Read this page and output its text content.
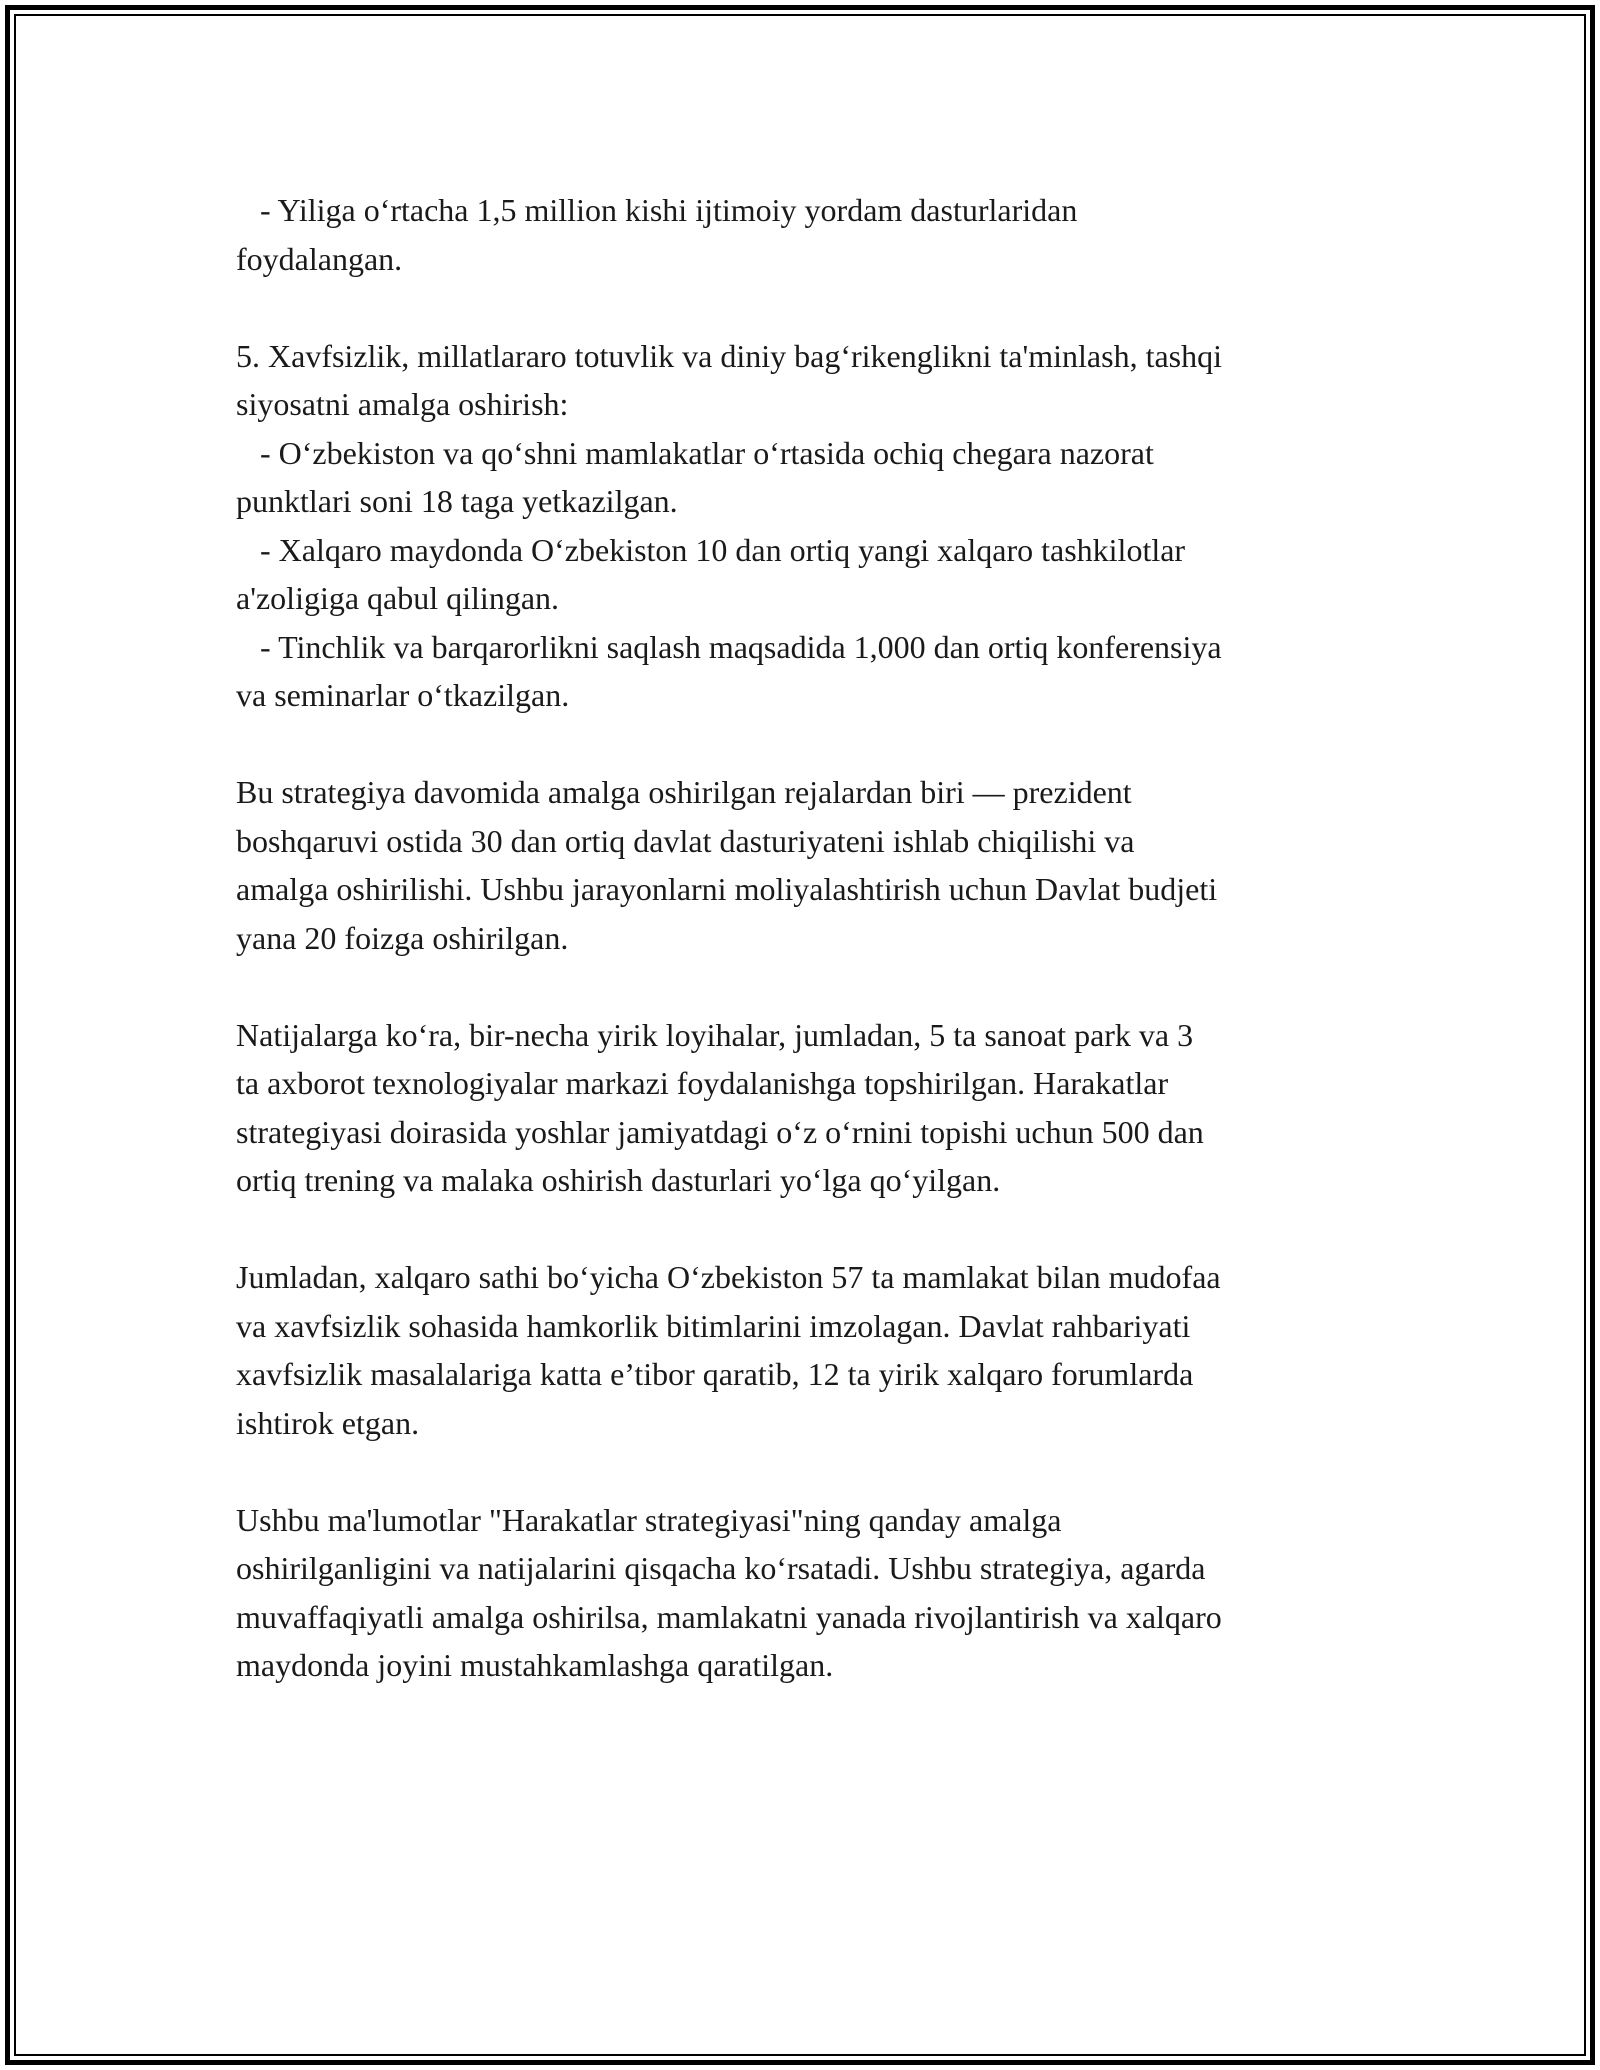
- Yiliga o‘rtacha 1,5 million kishi ijtimoiy yordam dasturlaridan
foydalangan.
5. Xavfsizlik, millatlararo totuvlik va diniy bag‘rikenglikni ta'minlash, tashqi
siyosatni amalga oshirish:
- O‘zbekiston va qo‘shni mamlakatlar o‘rtasida ochiq chegara nazorat
punktlari soni 18 taga yetkazilgan.
- Xalqaro maydonda O‘zbekiston 10 dan ortiq yangi xalqaro tashkilotlar
a'zoligiga qabul qilingan.
- Tinchlik va barqarorlikni saqlash maqsadida 1,000 dan ortiq konferensiya
va seminarlar o‘tkazilgan.
Bu strategiya davomida amalga oshirilgan rejalardan biri — prezident
boshqaruvi ostida 30 dan ortiq davlat dasturiyateni ishlab chiqilishi va
amalga oshirilishi. Ushbu jarayonlarni moliyalashtirish uchun Davlat budjeti
yana 20 foizga oshirilgan.
Natijalarga ko‘ra, bir-necha yirik loyihalar, jumladan, 5 ta sanoat park va 3
ta axborot texnologiyalar markazi foydalanishga topshirilgan. Harakatlar
strategiyasi doirasida yoshlar jamiyatdagi o‘z o‘rnini topishi uchun 500 dan
ortiq trening va malaka oshirish dasturlari yo‘lga qo‘yilgan.
Jumladan, xalqaro sathi bo‘yicha O‘zbekiston 57 ta mamlakat bilan mudofaa
va xavfsizlik sohasida hamkorlik bitimlarini imzolagan. Davlat rahbariyati
xavfsizlik masalalariga katta e’tibor qaratib, 12 ta yirik xalqaro forumlarda
ishtirok etgan.
Ushbu ma'lumotlar "Harakatlar strategiyasi"ning qanday amalga
oshirilganligini va natijalarini qisqacha ko‘rsatadi. Ushbu strategiya, agarda
muvaffaqiyatli amalga oshirilsa, mamlakatni yanada rivojlantirish va xalqaro
maydonda joyini mustahkamlashga qaratilgan.
